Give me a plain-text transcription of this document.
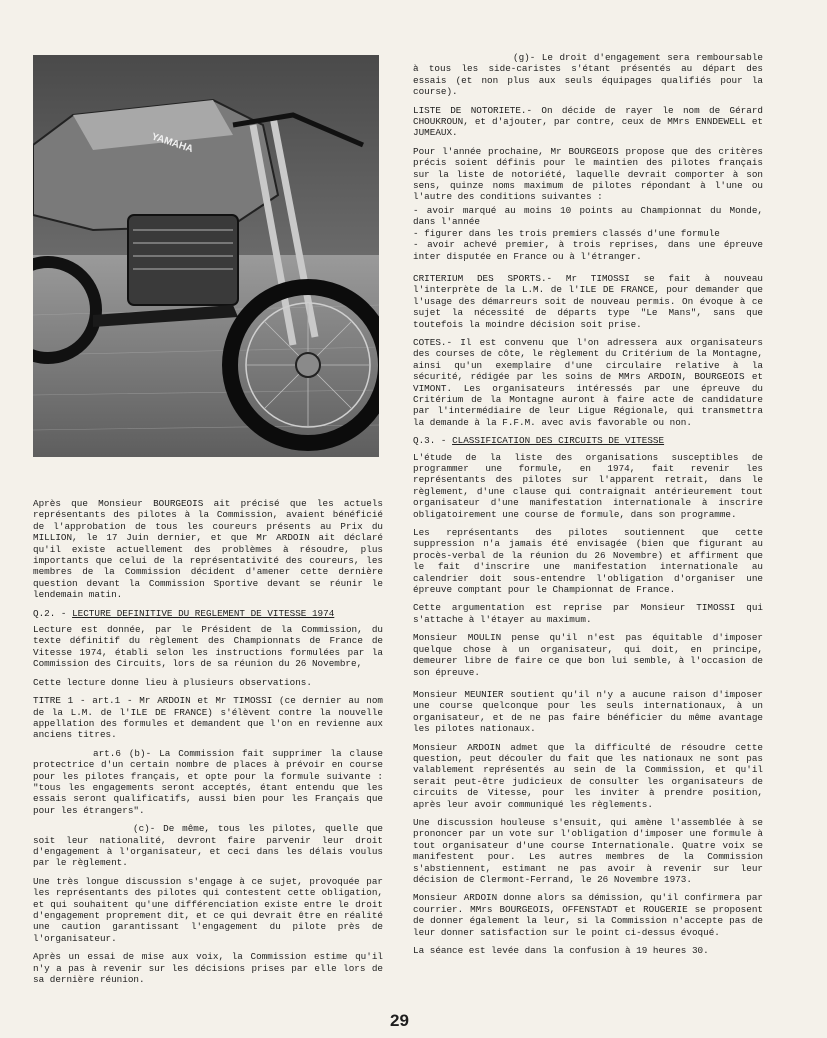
YAMAHA

Après que Monsieur BOURGEOIS ait précisé que les actuels représentants des pilotes à la Commission, avaient bénéficié de l'approbation de tous les coureurs présents au Prix du MILLION, le 17 Juin dernier, et que Mr ARDOIN ait déclaré qu'il existe actuellement des problèmes à résoudre, plus importants que celui de la représentativité des coureurs, les membres de la Commission décident d'amener cette dernière question devant la Commission Sportive devant se réunir le lendemain matin.

Q.2. - LECTURE DEFINITIVE DU REGLEMENT DE VITESSE 1974

Lecture est donnée, par le Président de la Commission, du texte définitif du règlement des Championnats de France de Vitesse 1974, établi selon les instructions formulées par la Commission des Circuits, lors de sa réunion du 26 Novembre,

Cette lecture donne lieu à plusieurs observations.

TITRE 1 - art.1 - Mr ARDOIN et Mr TIMOSSI (ce dernier au nom de la L.M. de l'ILE DE FRANCE) s'élèvent contre la nouvelle appellation des formules et demandent que l'on en revienne aux anciens titres.

art.6 (b)- La Commission fait supprimer la clause protectrice d'un certain nombre de places à prévoir en course pour les pilotes français, et opte pour la formule suivante : "tous les engagements seront acceptés, étant entendu que les essais seront qualificatifs, aussi bien pour les Français que pour les étrangers".

(c)- De même, tous les pilotes, quelle que soit leur nationalité, devront faire parvenir leur droit d'engagement à l'organisateur, et ceci dans les délais voulus par le règlement.

Une très longue discussion s'engage à ce sujet, provoquée par les représentants des pilotes qui contestent cette obligation, et qui souhaitent qu'une différenciation existe entre le droit d'engagement proprement dit, et ce qui devrait être en réalité une caution garantissant l'engagement du pilote près de l'organisateur.

Après un essai de mise aux voix, la Commission estime qu'il n'y a pas à revenir sur les décisions prises par elle lors de sa dernière réunion.

(g)- Le droit d'engagement sera remboursable à tous les side-caristes s'étant présentés au départ des essais (et non plus aux seuls équipages qualifiés pour la course).

LISTE DE NOTORIETE.- On décide de rayer le nom de Gérard CHOUKROUN, et d'ajouter, par contre, ceux de MMrs ENNDEWELL et JUMEAUX.

Pour l'année prochaine, Mr BOURGEOIS propose que des critères précis soient définis pour le maintien des pilotes français sur la liste de notoriété, laquelle devrait comporter à son sens, quinze noms maximum de pilotes répondant à l'une ou l'autre des conditions suivantes :

- avoir marqué au moins 10 points au Championnat du Monde, dans l'année
- figurer dans les trois premiers classés d'une formule
- avoir achevé premier, à trois reprises, dans une épreuve inter disputée en France ou à l'étranger.

CRITERIUM DES SPORTS.- Mr TIMOSSI se fait à nouveau l'interprète de la L.M. de l'ILE DE FRANCE, pour demander que l'usage des démarreurs soit de nouveau permis. On évoque à ce sujet la nécessité de départs type "Le Mans", sans que toutefois la moindre décision soit prise.

COTES.- Il est convenu que l'on adressera aux organisateurs des courses de côte, le règlement du Critérium de la Montagne, ainsi qu'un exemplaire d'une circulaire relative à la sécurité, rédigée par les soins de MMrs ARDOIN, BOURGEOIS et VIMONT. Les organisateurs intéressés par une épreuve du Critérium de la Montagne auront à faire acte de candidature par l'intermédiaire de leur Ligue Régionale, qui transmettra la demande à la F.F.M. avec avis favorable ou non.

Q.3. - CLASSIFICATION DES CIRCUITS DE VITESSE

L'étude de la liste des organisations susceptibles de programmer une formule, en 1974, fait revenir les représentants des pilotes sur l'apparent retrait, dans le règlement, d'une clause qui contraignait antérieurement tout organisateur d'une manifestation internationale à inscrire obligatoirement une course de formule, dans son programme.

Les représentants des pilotes soutiennent que cette suppression n'a jamais été envisagée (bien que figurant au procès-verbal de la réunion du 26 Novembre) et affirment que le fait d'inscrire une manifestation internationale au calendrier doit sous-entendre l'obligation d'organiser une épreuve comptant pour le Championnat de France.

Cette argumentation est reprise par Monsieur TIMOSSI qui s'attache à l'étayer au maximum.

Monsieur MOULIN pense qu'il n'est pas équitable d'imposer quelque chose à un organisateur, qui doit, en principe, demeurer libre de faire ce que bon lui semble, à l'occasion de son épreuve.

Monsieur MEUNIER soutient qu'il n'y a aucune raison d'imposer une course quelconque pour les seuls internationaux, à un organisateur, et de ne pas faire bénéficier du même avantage les pilotes nationaux.

Monsieur ARDOIN admet que la difficulté de résoudre cette question, peut découler du fait que les nationaux ne sont pas valablement représentés au sein de la Commission, et qu'il serait peut-être judicieux de consulter les organisateurs de circuits de Vitesse, pour les inviter à prendre position, après leur avoir communiqué les règlements.

Une discussion houleuse s'ensuit, qui amène l'assemblée à se prononcer par un vote sur l'obligation d'imposer une formule à tout organisateur d'une course Internationale. Quatre voix se manifestent pour. Les autres membres de la Commission s'abstiennent, estimant ne pas avoir à revenir sur leur décision de Clermont-Ferrand, le 26 Novembre 1973.

Monsieur ARDOIN donne alors sa démission, qu'il confirmera par courrier. MMrs BOURGEOIS, OFFENSTADT et ROUGERIE se proposent de donner également la leur, si la Commission n'accepte pas de leur donner satisfaction sur le point ci-dessus évoqué.

La séance est levée dans la confusion à 19 heures 30.

29
